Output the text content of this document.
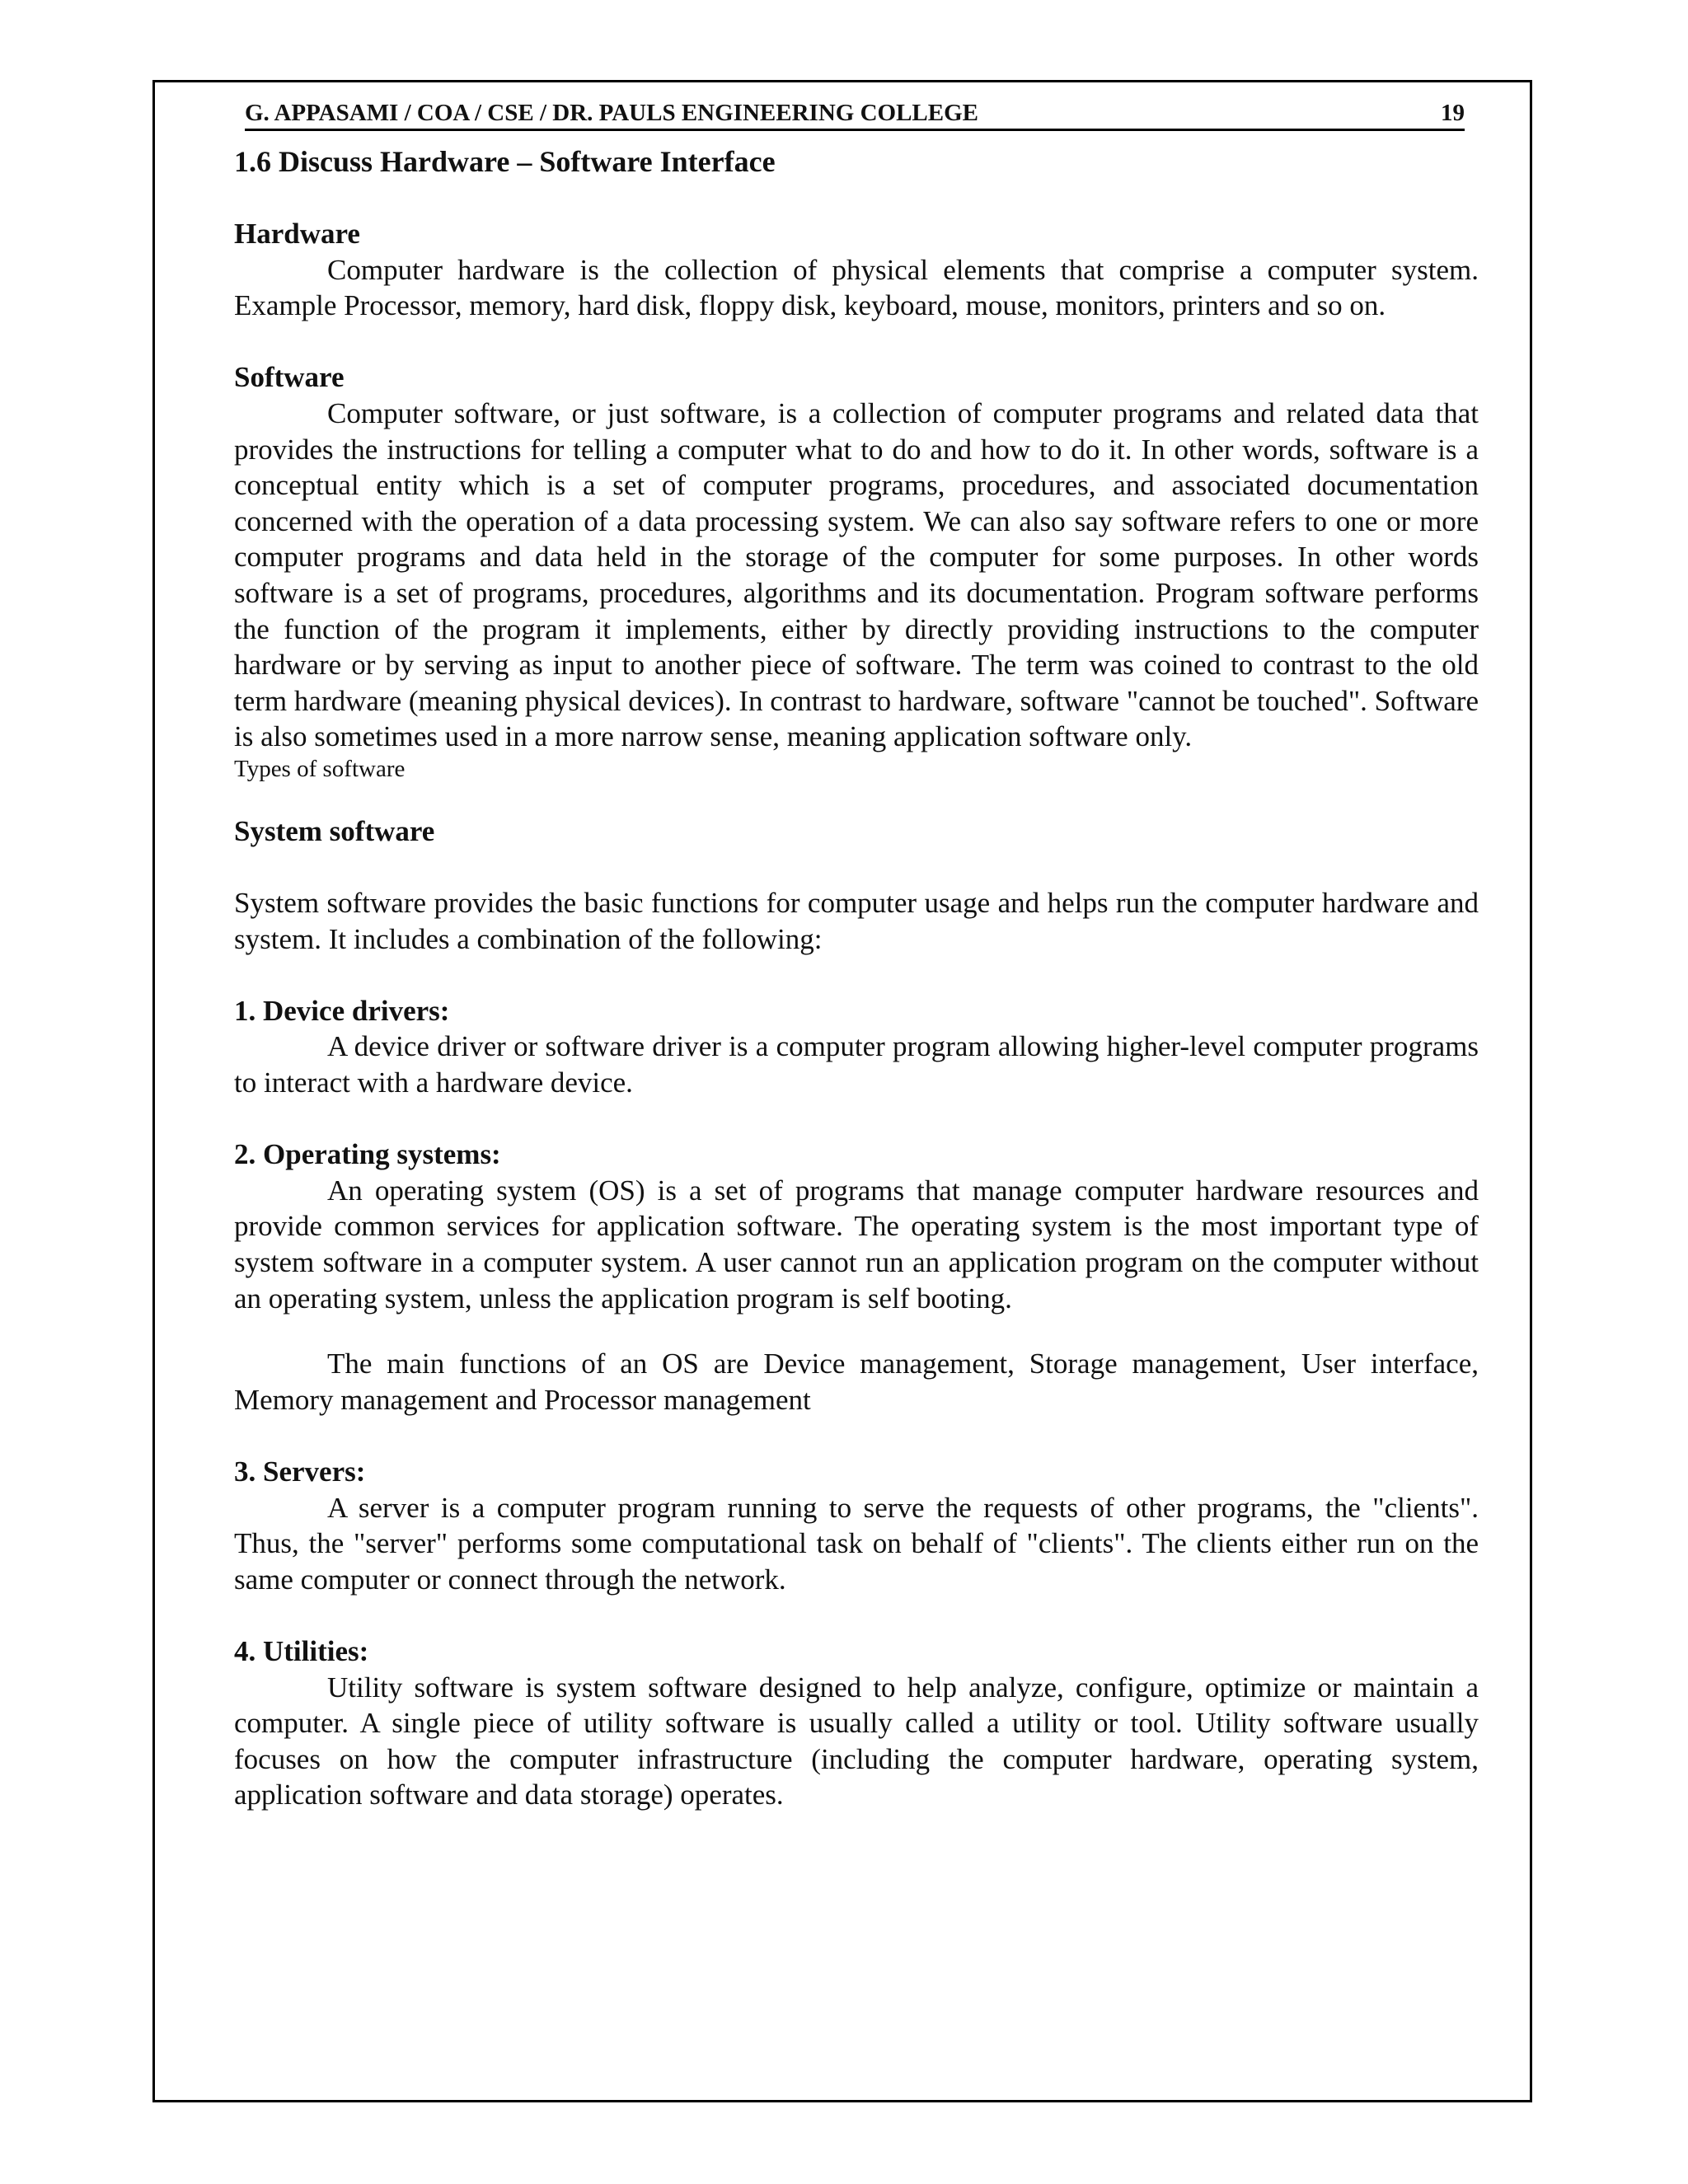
G. APPASAMI / COA / CSE / DR. PAULS ENGINEERING COLLEGE	19

1.6 Discuss Hardware – Software Interface

Hardware

Computer hardware is the collection of physical elements that comprise a computer system. Example Processor, memory, hard disk, floppy disk, keyboard, mouse, monitors, printers and so on.

Software

Computer software, or just software, is a collection of computer programs and related data that provides the instructions for telling a computer what to do and how to do it. In other words, software is a conceptual entity which is a set of computer programs, procedures, and associated documentation concerned with the operation of a data processing system. We can also say software refers to one or more computer programs and data held in the storage of the computer for some purposes. In other words software is a set of programs, procedures, algorithms and its documentation. Program software performs the function of the program it implements, either by directly providing instructions to the computer hardware or by serving as input to another piece of software. The term was coined to contrast to the old term hardware (meaning physical devices). In contrast to hardware, software "cannot be touched". Software is also sometimes used in a more narrow sense, meaning application software only.

Types of software

System software

System software provides the basic functions for computer usage and helps run the computer hardware and system. It includes a combination of the following:

1. Device drivers:

A device driver or software driver is a computer program allowing higher-level computer programs to interact with a hardware device.

2. Operating systems:

An operating system (OS) is a set of programs that manage computer hardware resources and provide common services for application software. The operating system is the most important type of system software in a computer system. A user cannot run an application program on the computer without an operating system, unless the application program is self booting.

The main functions of an OS are Device management, Storage management, User interface, Memory management and Processor management

3. Servers:

A server is a computer program running to serve the requests of other programs, the "clients". Thus, the "server" performs some computational task on behalf of "clients". The clients either run on the same computer or connect through the network.

4. Utilities:

Utility software is system software designed to help analyze, configure, optimize or maintain a computer. A single piece of utility software is usually called a utility or tool. Utility software usually focuses on how the computer infrastructure (including the computer hardware, operating system, application software and data storage) operates.
